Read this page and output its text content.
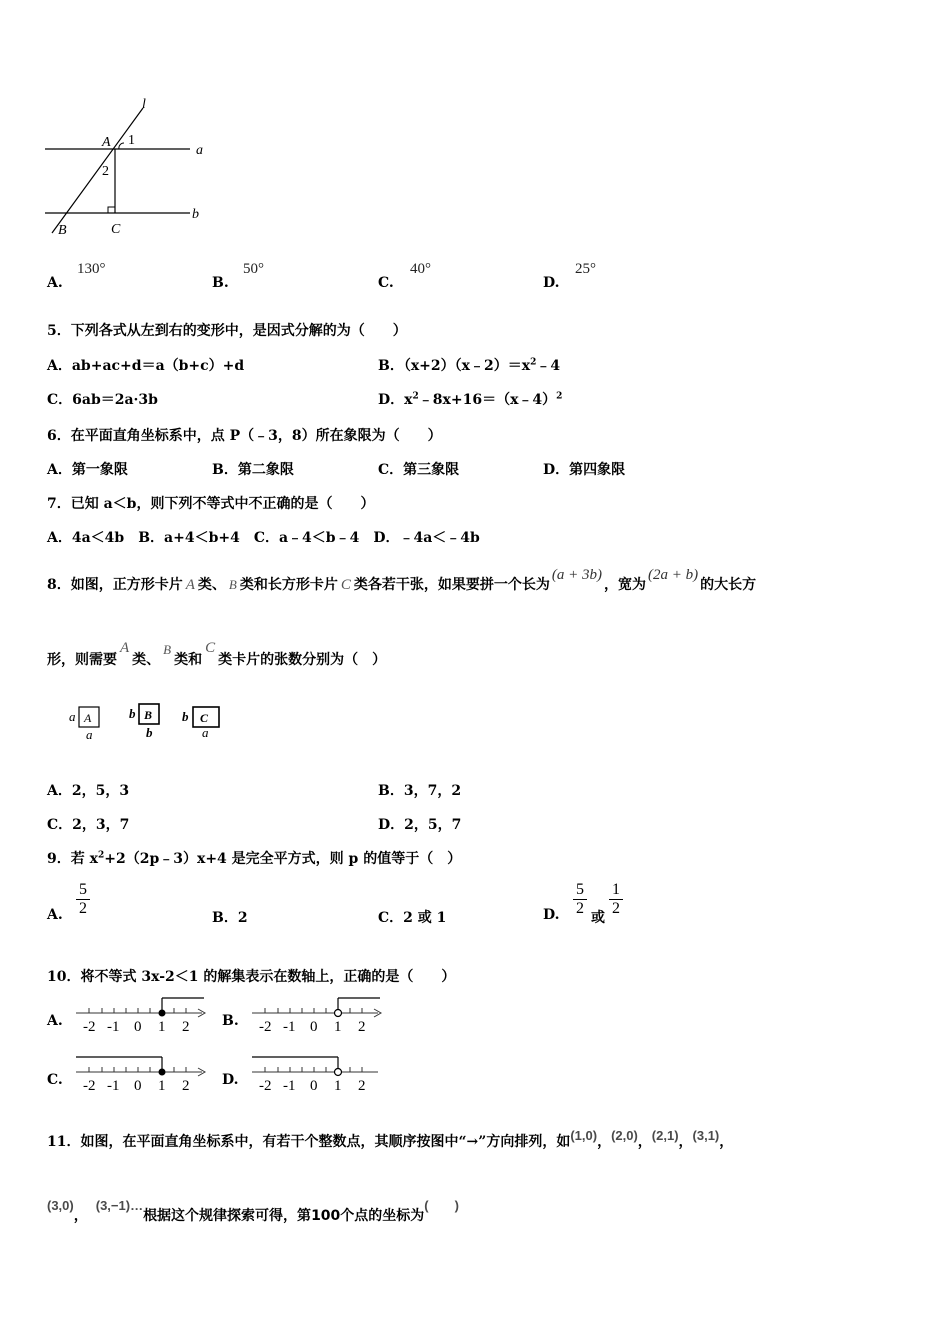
l
A 1
a
2
b
B	C
A.
130°
B.
50°
C.
40°
D.
25°
5．下列各式从左到右的变形中，是因式分解的为（　　）
A．ab+ac+d＝a（b+c）+d	B．$(x+2)(x﹣2)=x^2﹣4$
C．6ab＝2a·3b	D．$x^2﹣8x+16=(x﹣4)^2$
6．在平面直角坐标系中，点 P（﹣3，8）所在象限为（　　）
A．第一象限	B．第二象限	C．第三象限	D．第四象限
7．已知 a＜b，则下列不等式中不正确的是（　　）
A．4a＜4b　B．a+4＜b+4　C．a﹣4＜b﹣4　D．﹣4a＜﹣4b
8．如图，正方形卡片 A 类、 B 类和长方形卡片 C 类各若干张，如果要拼一个长为(a + 3b)，宽为(2a + b)的大长方
形，则需要A类、B类和C类卡片的张数分别为（　）
a A
a
b B
b
b C
a
A．2，5，3	B．3，7，2
C．2，3，7	D．2，5，7
9．若 $x^2+2(2p﹣3)x+4$ 是完全平方式，则 p 的值等于（　）
A. $\frac{5}{2}$	B．2	C．2 或 1	D. $\frac{5}{2}$ 或 $\frac{1}{2}$
10．将不等式 3x-2＜1 的解集表示在数轴上，正确的是（　　）
A. -2 -1 0 1 2 B. -2 -1 0 1 2
C. -2 -1 0 1 2 D. -2 -1 0 1 2
11．如图，在平面直角坐标系中，有若干个整数点，其顺序按图中“→”方向排列，如(1,0)，(2,0)，(2,1)，(3,1)，
(3,0)，(3,−1)…根据这个规律探索可得，第100个点的坐标为(　　)
